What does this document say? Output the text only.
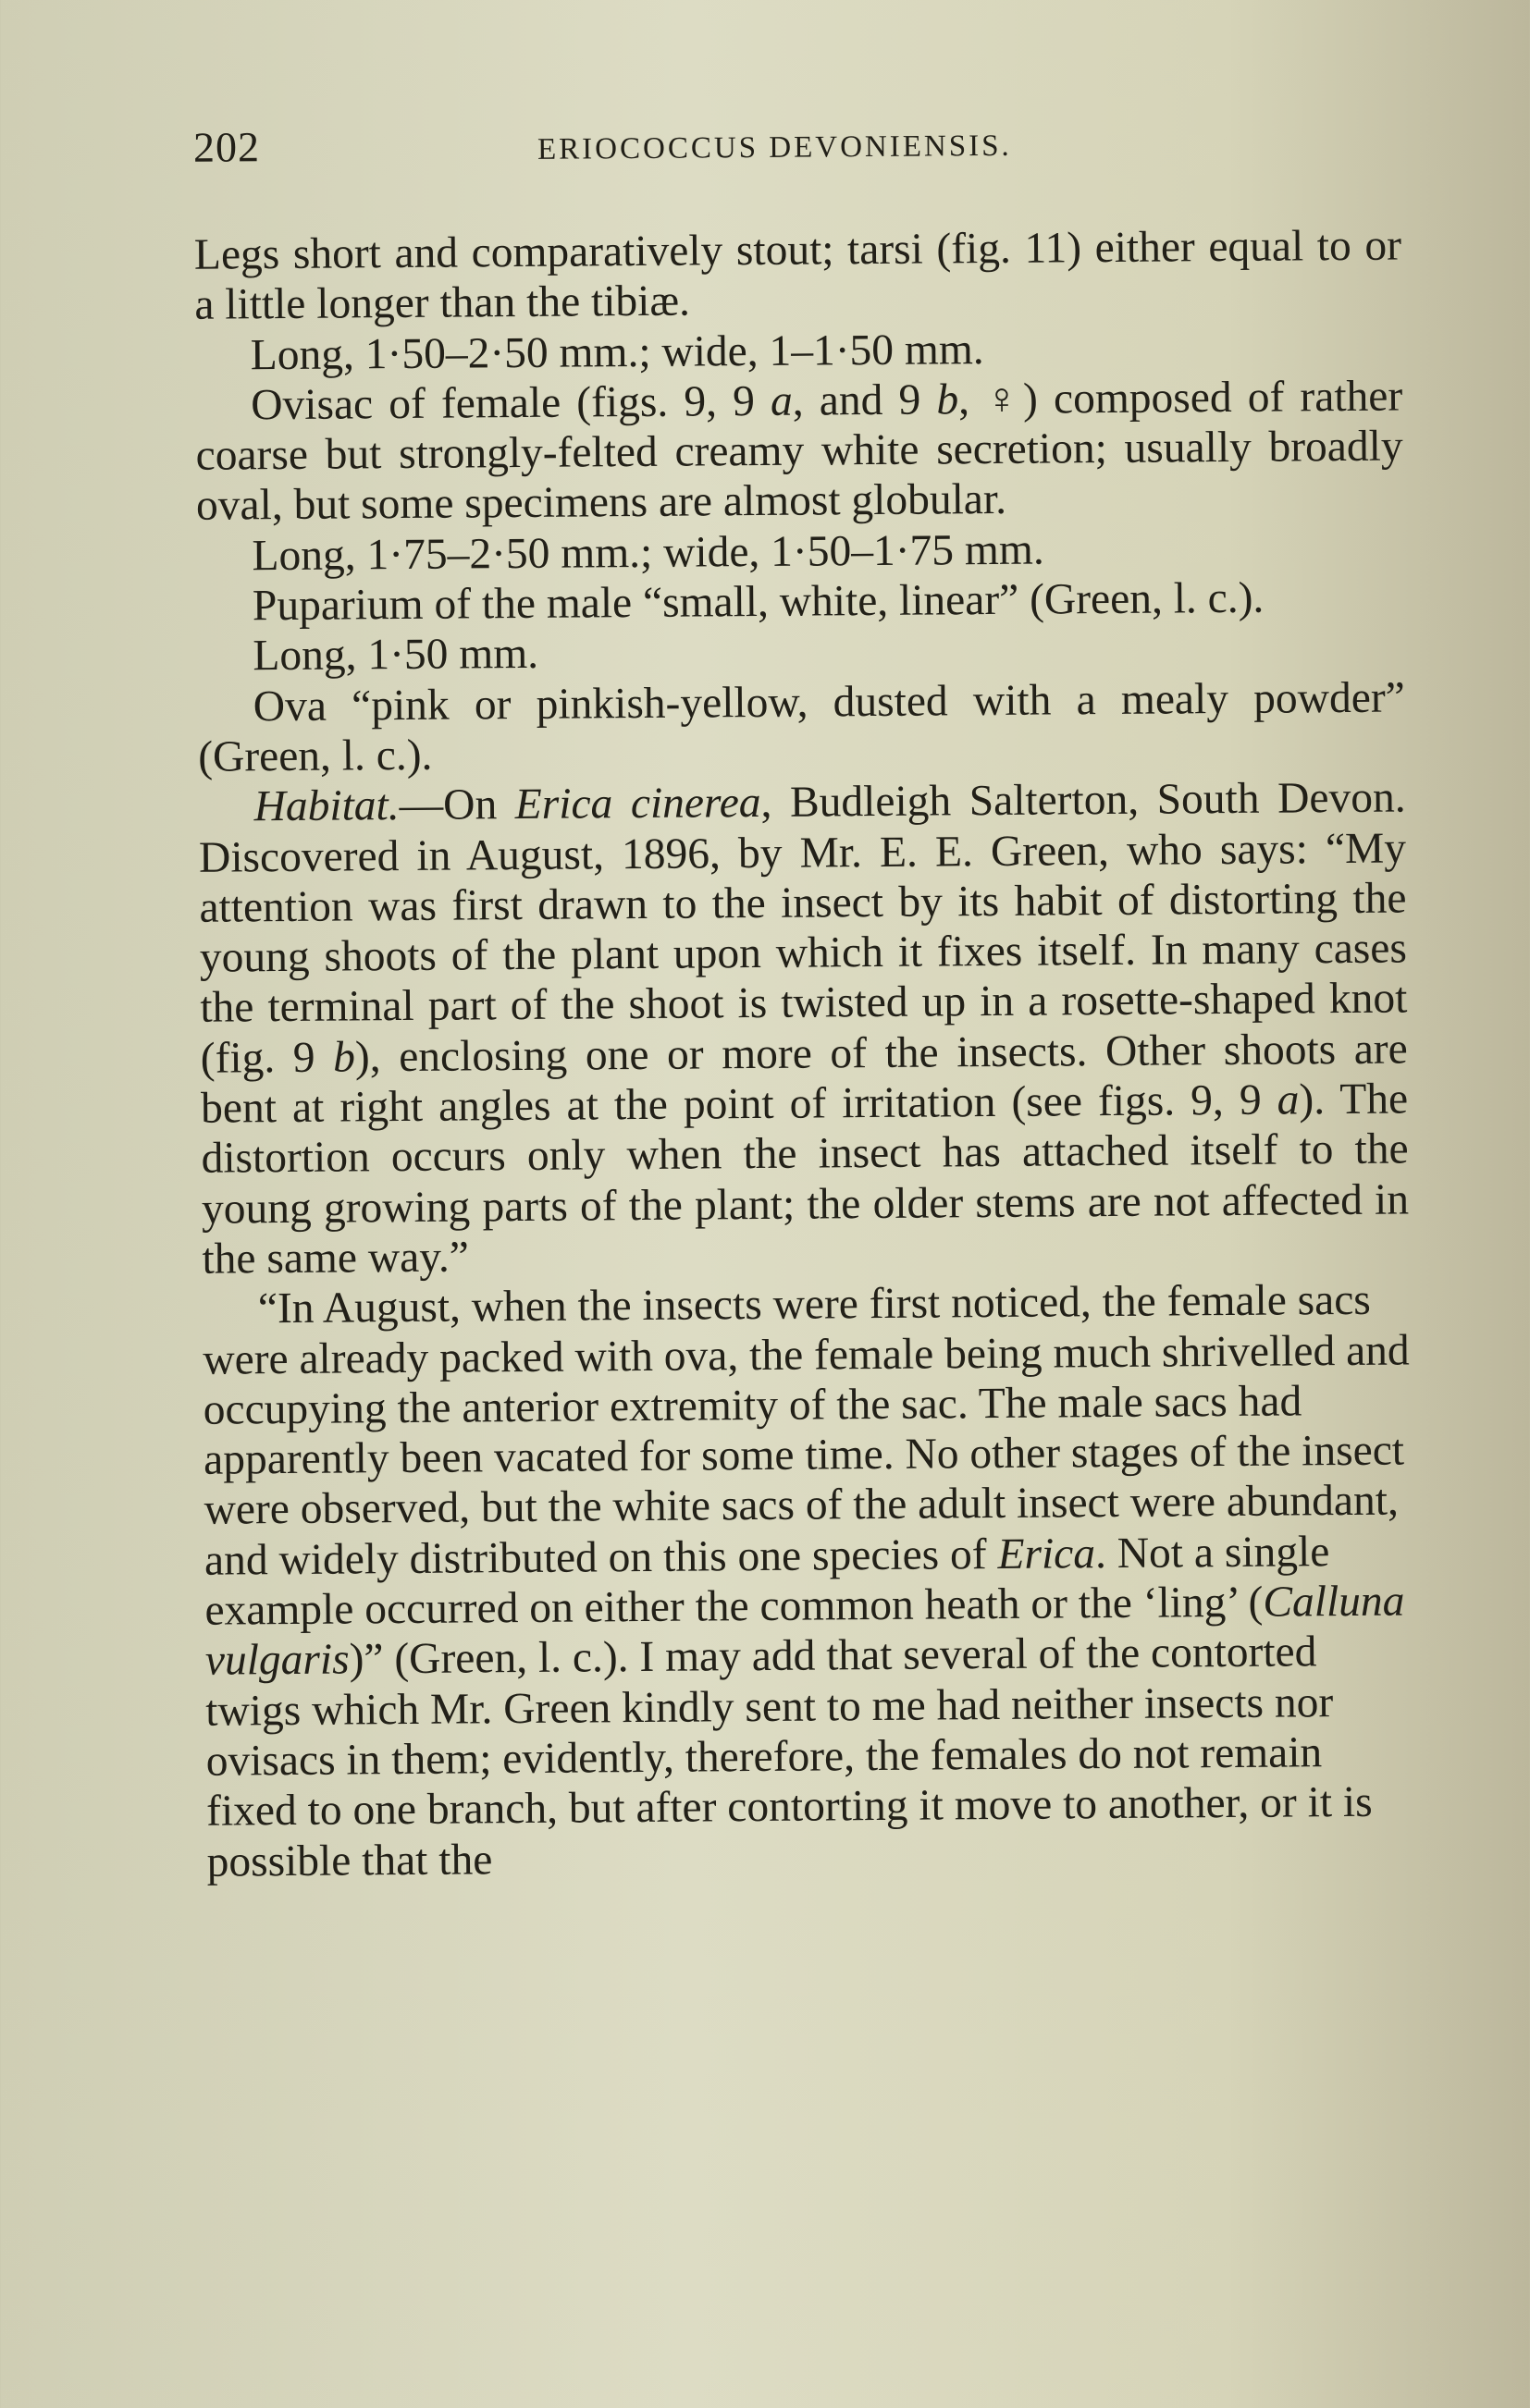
202	ERIOCOCCUS DEVONIENSIS.

Legs short and comparatively stout; tarsi (fig. 11) either equal to or a little longer than the tibiæ.

Long, 1·50–2·50 mm.; wide, 1–1·50 mm.

Ovisac of female (figs. 9, 9 a, and 9 b, ♀) composed of rather coarse but strongly-felted creamy white secretion; usually broadly oval, but some specimens are almost globular.

Long, 1·75–2·50 mm.; wide, 1·50–1·75 mm.

Puparium of the male “small, white, linear” (Green, l. c.).

Long, 1·50 mm.

Ova “pink or pinkish-yellow, dusted with a mealy powder” (Green, l. c.).

Habitat.—On Erica cinerea, Budleigh Salterton, South Devon. Discovered in August, 1896, by Mr. E. E. Green, who says: “My attention was first drawn to the insect by its habit of distorting the young shoots of the plant upon which it fixes itself. In many cases the terminal part of the shoot is twisted up in a rosette-shaped knot (fig. 9 b), enclosing one or more of the insects. Other shoots are bent at right angles at the point of irritation (see figs. 9, 9 a). The distortion occurs only when the insect has attached itself to the young growing parts of the plant; the older stems are not affected in the same way.”

“In August, when the insects were first noticed, the female sacs were already packed with ova, the female being much shrivelled and occupying the anterior extremity of the sac. The male sacs had apparently been vacated for some time. No other stages of the insect were observed, but the white sacs of the adult insect were abundant, and widely distributed on this one species of Erica. Not a single example occurred on either the common heath or the ‘ling’ (Calluna vulgaris)” (Green, l. c.). I may add that several of the contorted twigs which Mr. Green kindly sent to me had neither insects nor ovisacs in them; evidently, therefore, the females do not remain fixed to one branch, but after contorting it move to another, or it is possible that the
